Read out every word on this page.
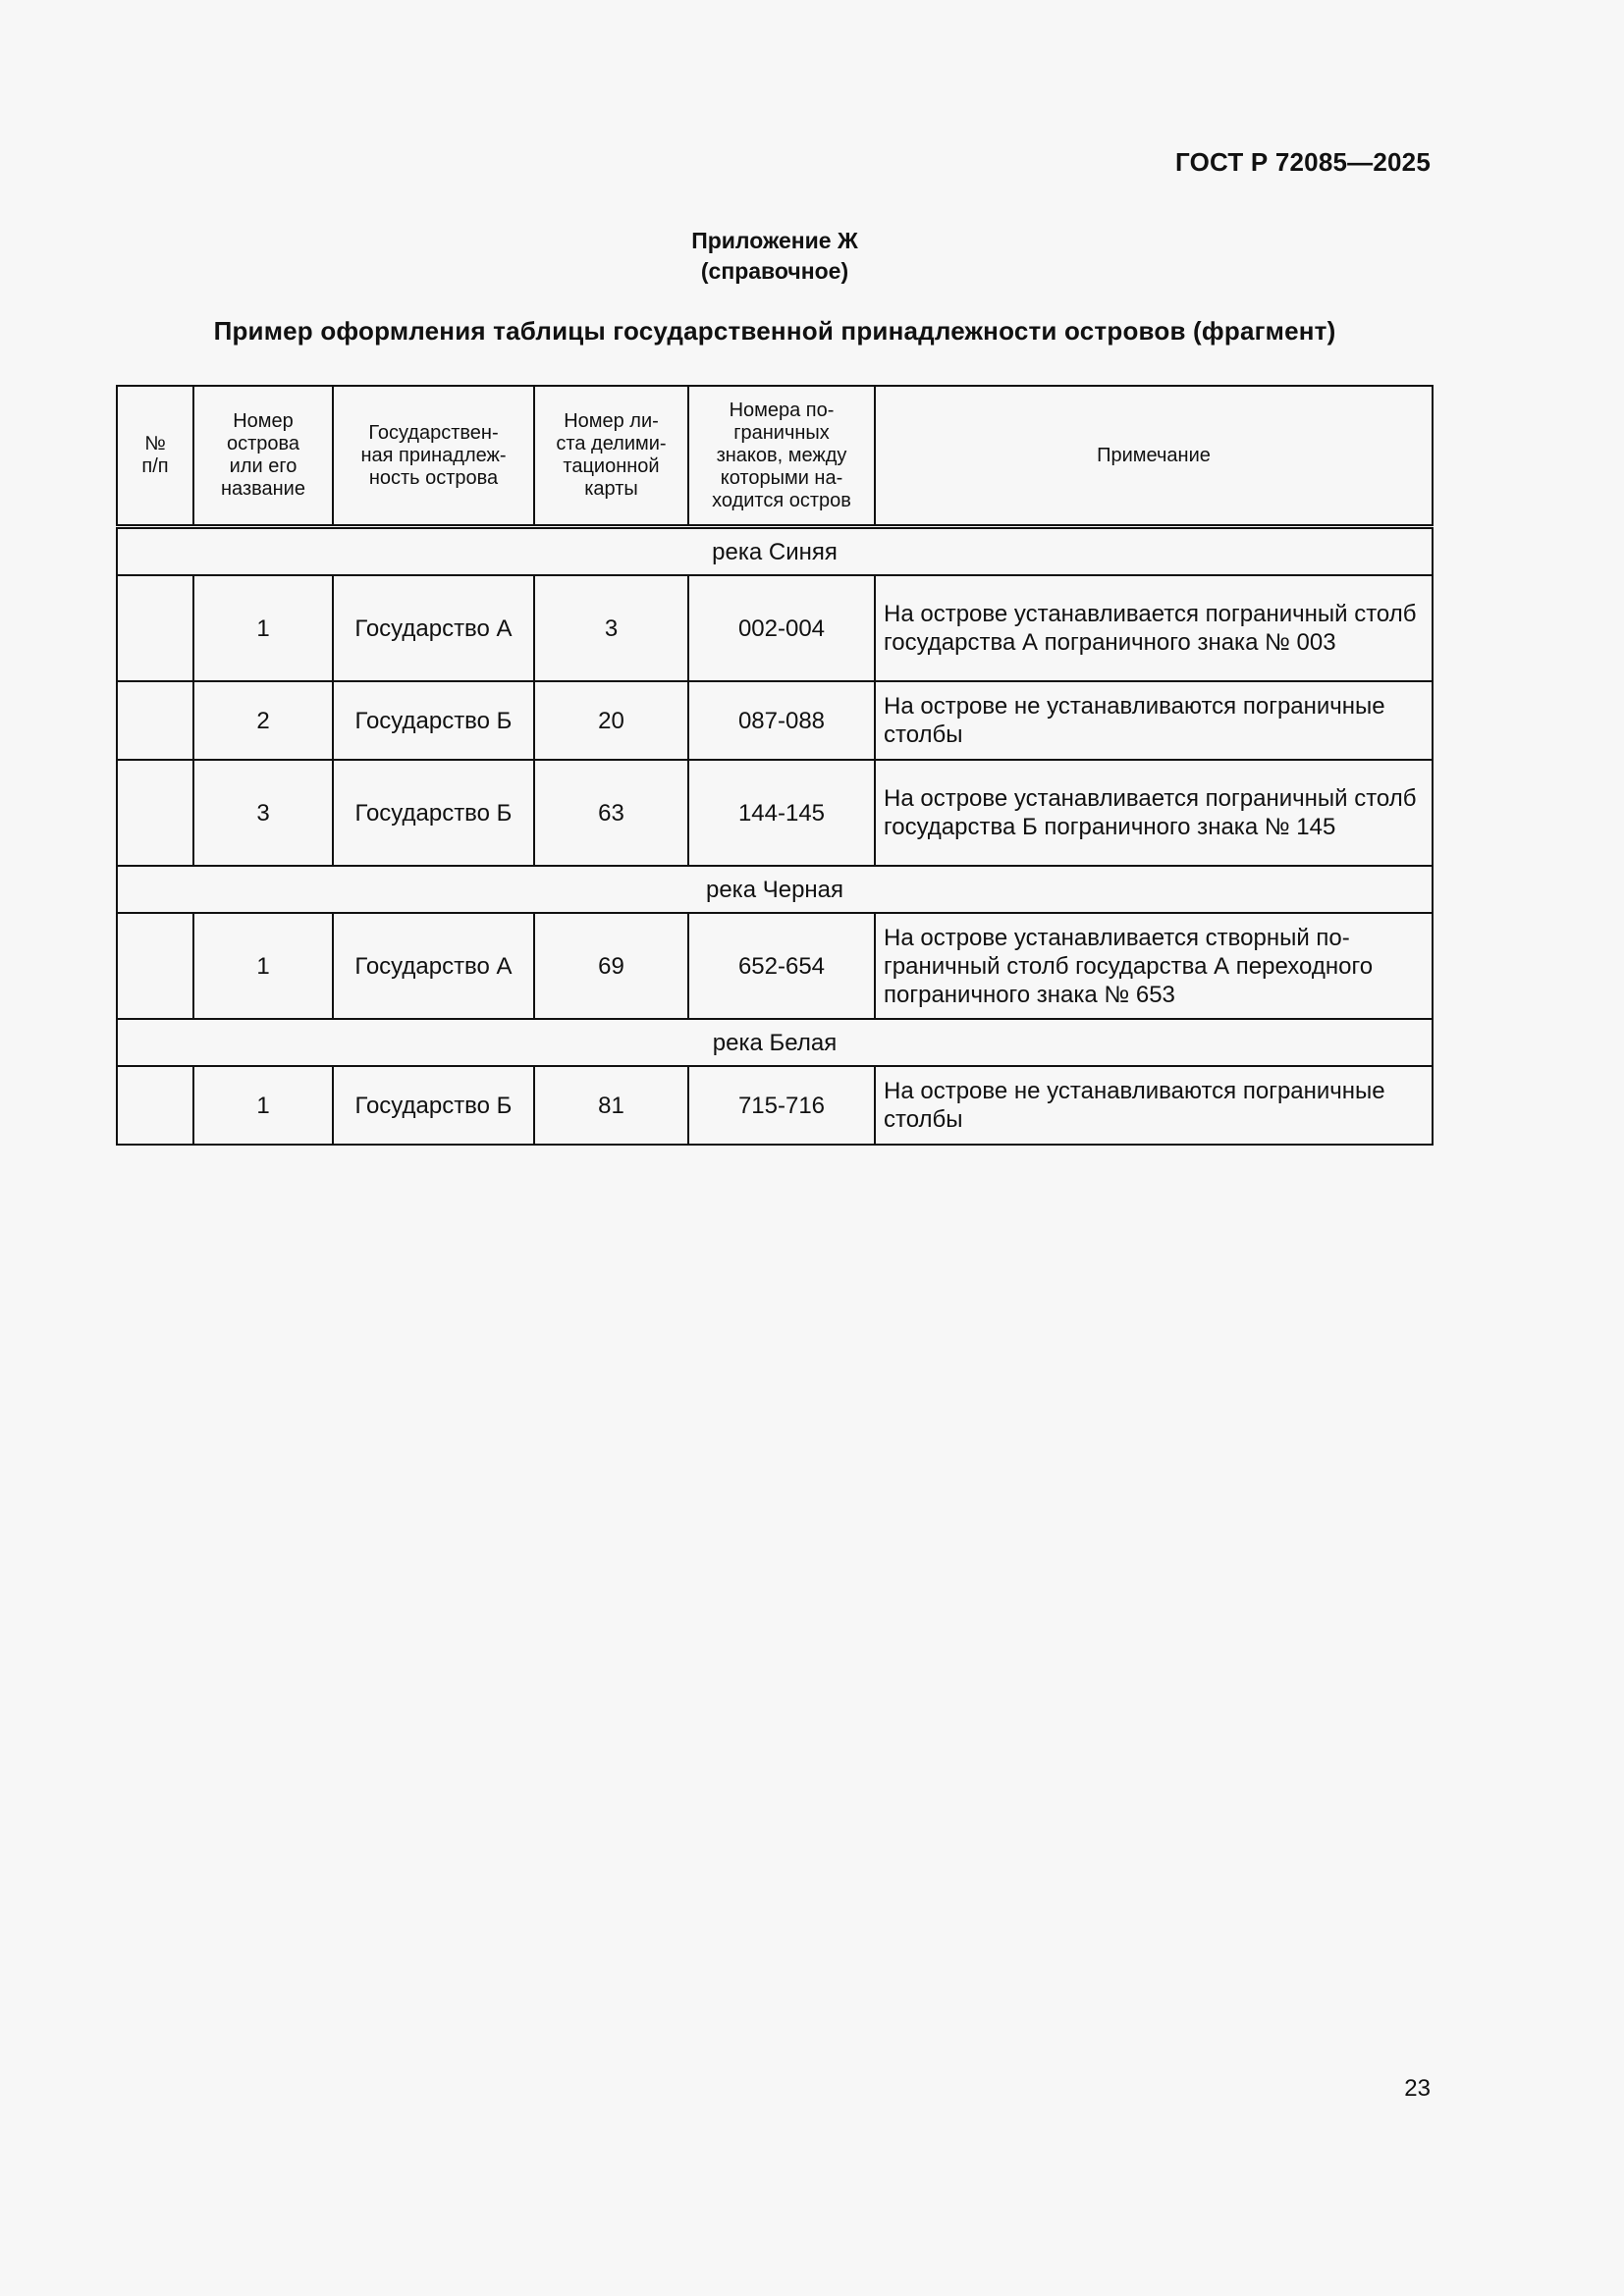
ГОСТ Р 72085—2025
Приложение Ж
(справочное)
Пример оформления таблицы государственной принадлежности островов (фрагмент)
№
п/п	Номер
острова
или его
название	Государствен-
ная принадлеж-
ность острова	Номер ли-
ста делими-
тационной
карты	Номера по-
граничных
знаков, между
которыми на-
ходится остров	Примечание
река Синяя					
	1	Государство А	3	002-004	На острове устанавливается пограничный столб государства А пограничного знака № 003
	2	Государство Б	20	087-088	На острове не устанавливаются пограничные столбы
	3	Государство Б	63	144-145	На острове устанавливается пограничный столб государства Б пограничного знака № 145
река Черная					
	1	Государство А	69	652-654	На острове устанавливается створный по-граничный столб государства А переходного пограничного знака № 653
река Белая					
	1	Государство Б	81	715-716	На острове не устанавливаются пограничные столбы
23
